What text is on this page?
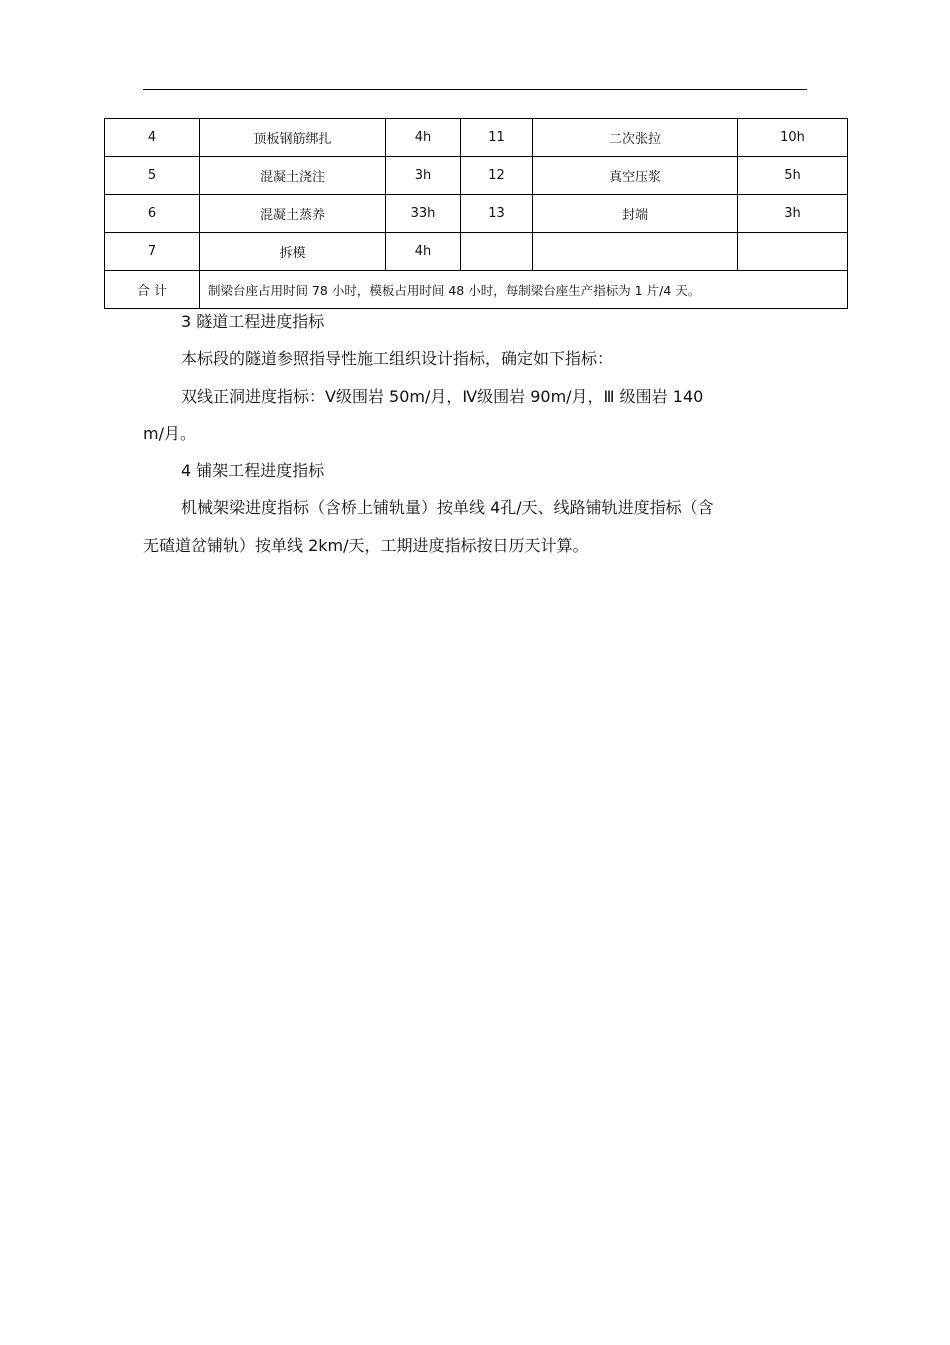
4	顶板钢筋绑扎	4h	11	二次张拉	10h
5	混凝土浇注	3h	12	真空压浆	5h
6	混凝土蒸养	33h	13	封端	3h
7	拆模	4h			
合 计	制梁台座占用时间 78 小时，模板占用时间 48 小时，每制梁台座生产指标为 1 片/4 天。				
3 隧道工程进度指标
本标段的隧道参照指导性施工组织设计指标，确定如下指标：
双线正洞进度指标：Ⅴ级围岩 50m/月，Ⅳ级围岩 90m/月，Ⅲ 级围岩 140
m/月。
4 铺架工程进度指标
机械架梁进度指标（含桥上铺轨量）按单线 4孔/天、线路铺轨进度指标（含
无碴道岔铺轨）按单线 2km/天，工期进度指标按日历天计算。
